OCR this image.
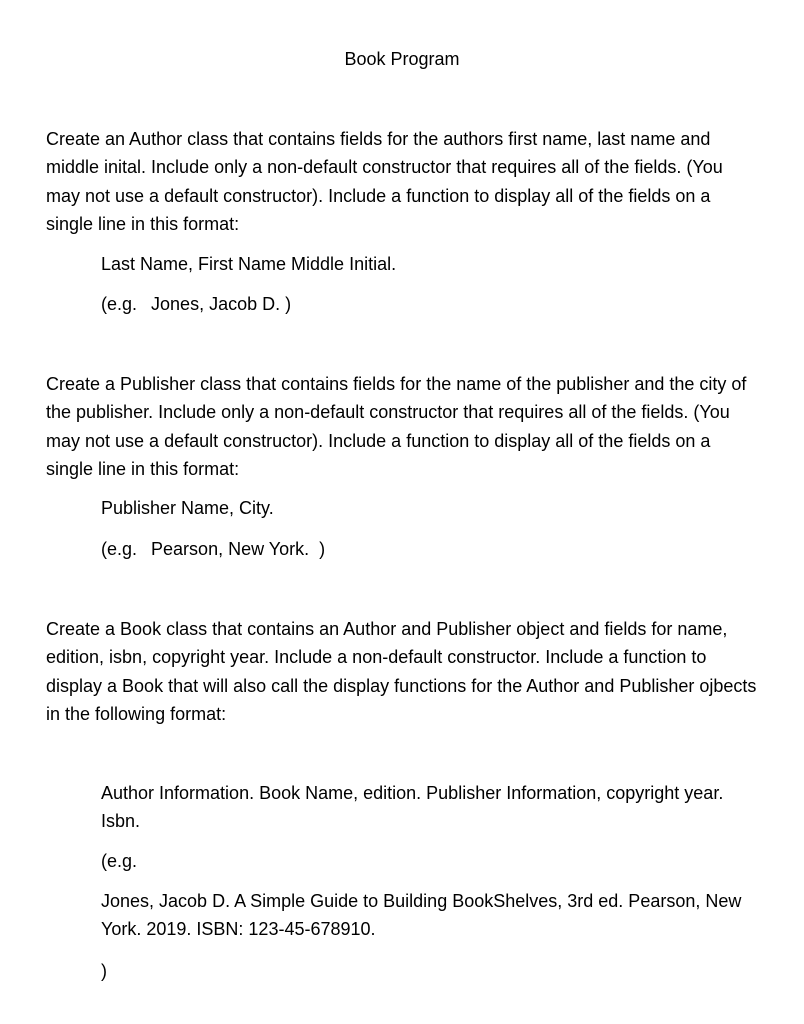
Book Program

Create an Author class that contains fields for the authors first name, last name and middle inital. Include only a non-default constructor that requires all of the fields. (You may not use a default constructor). Include a function to display all of the fields on a single line in this format:

Last Name, First Name Middle Initial.

(e.g. Jones, Jacob D. )

Create a Publisher class that contains fields for the name of the publisher and the city of the publisher. Include only a non-default constructor that requires all of the fields. (You may not use a default constructor). Include a function to display all of the fields on a single line in this format:

Publisher Name, City.

(e.g. Pearson, New York.  )

Create a Book class that contains an Author and Publisher object and fields for name, edition, isbn, copyright year. Include a non-default constructor. Include a function to display a Book that will also call the display functions for the Author and Publisher ojbects in the following format:

Author Information. Book Name, edition. Publisher Information, copyright year. Isbn.

(e.g.

Jones, Jacob D. A Simple Guide to Building BookShelves, 3rd ed. Pearson, New York. 2019. ISBN: 123-45-678910.

)
